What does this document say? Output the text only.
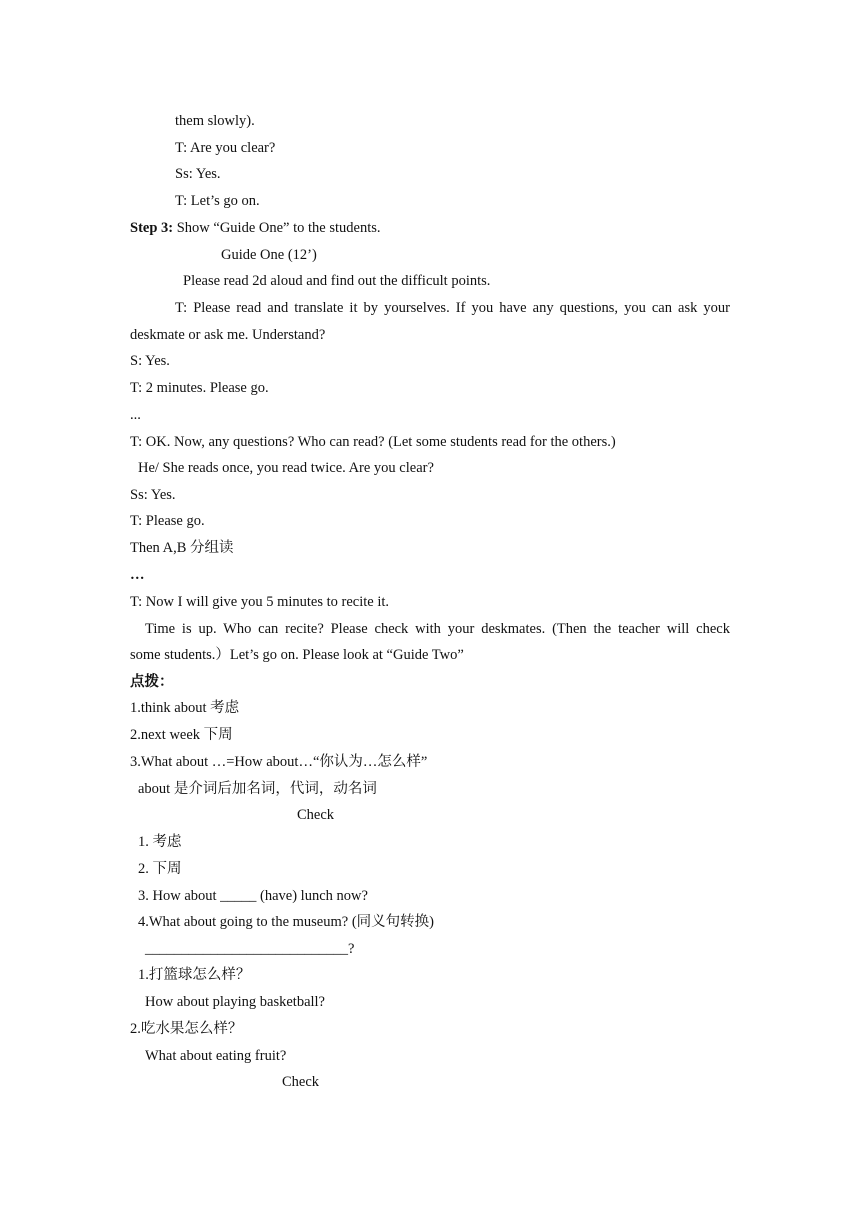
them slowly).
T: Are you clear?
Ss: Yes.
T: Let’s go on.
Step 3: Show “Guide One” to the students.
Guide One (12’)
Please read 2d aloud and find out the difficult points.
T: Please read and translate it by yourselves. If you have any questions, you can ask your
deskmate or ask me. Understand?
S: Yes.
T: 2 minutes. Please go.
...
T: OK. Now, any questions? Who can read? (Let some students read for the others.)
He/ She reads once, you read twice. Are you clear?
Ss: Yes.
T: Please go.
Then A,B 分组读
…
T: Now I will give you 5 minutes to recite it.
Time is up. Who can recite? Please check with your deskmates. (Then the teacher will check
some students.）Let’s go on. Please look at “Guide Two”
点拨：
1.think about 考虑
2.next week 下周
3.What about …=How about…“你认为…怎么样”
about 是介词后加名词，代词，动名词
Check
1. 考虑
2. 下周
3. How about _____ (have) lunch now?
4.What about going to the museum? (同义句转换)
____________________________?
1.打篮球怎么样？
How about playing basketball?
2.吃水果怎么样？
What about eating fruit?
Check
